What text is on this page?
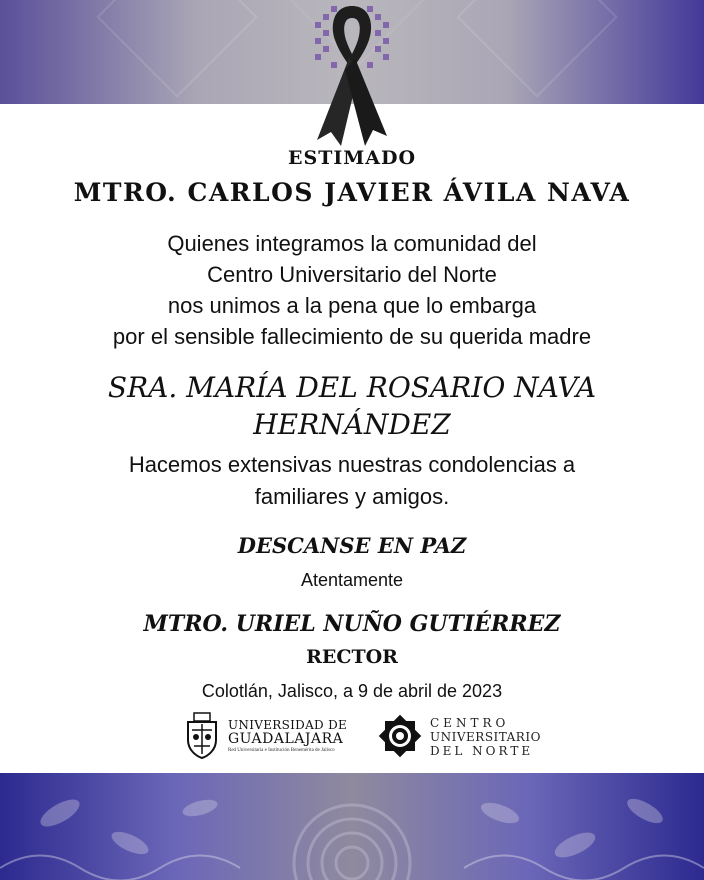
ESTIMADO
MTRO. CARLOS JAVIER ÁVILA NAVA
Quienes integramos la comunidad del
Centro Universitario del Norte
nos unimos a la pena que lo embarga
por el sensible fallecimiento de su querida madre
SRA. MARÍA DEL ROSARIO NAVA
HERNÁNDEZ
Hacemos extensivas nuestras condolencias a
familiares y amigos.
DESCANSE EN PAZ
Atentamente
MTRO. URIEL NUÑO GUTIÉRREZ
RECTOR
Colotlán, Jalisco, a 9 de abril de 2023
UNIVERSIDAD DE
GUADALAJARA
Red Universitaria e Institución Benemérita de Jalisco
CENTRO
UNIVERSITARIO
DEL NORTE
